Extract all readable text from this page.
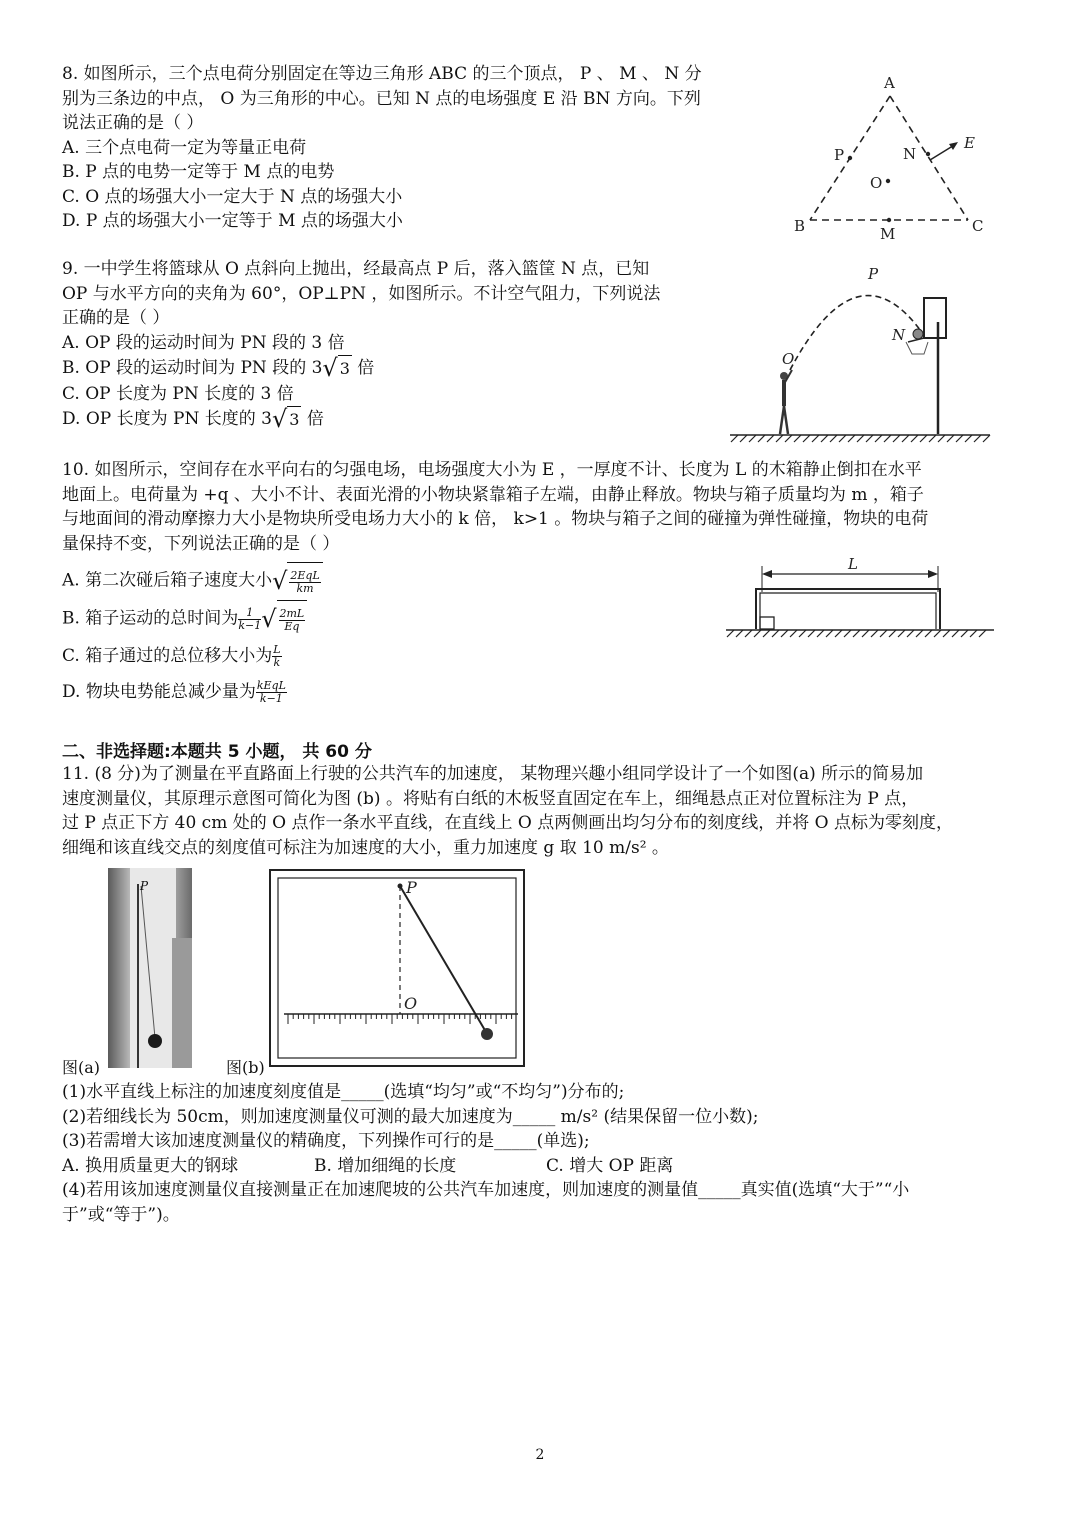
8. 如图所示，三个点电荷分别固定在等边三角形 ABC 的三个顶点， P 、 M 、 N 分

别为三条边的中点， O 为三角形的中心。已知 N 点的电场强度 E 沿 BN 方向。下列

说法正确的是（ ）

A. 三个点电荷一定为等量正电荷

B. P 点的电势一定等于 M 点的电势

C. O 点的场强大小一定大于 N 点的场强大小

D. P 点的场强大小一定等于 M 点的场强大小

A
B	C
P	N
O
M
E

9. 一中学生将篮球从 O 点斜向上抛出，经最高点 P 后，落入篮筐 N 点，已知

OP 与水平方向的夹角为 60°，OP⊥PN ，如图所示。不计空气阻力，下列说法

正确的是（ ）

A. OP 段的运动时间为 PN 段的 3 倍

B. OP 段的运动时间为 PN 段的 3√ 3 倍

C. OP 长度为 PN 长度的 3 倍

D. OP 长度为 PN 长度的 3√ 3 倍

P
N
O

10. 如图所示，空间存在水平向右的匀强电场，电场强度大小为 E ，一厚度不计、长度为 L 的木箱静止倒扣在水平

地面上。电荷量为 +q 、大小不计、表面光滑的小物块紧靠箱子左端，由静止释放。物块与箱子质量均为 m ，箱子

与地面间的滑动摩擦力大小是物块所受电场力大小的 k 倍， k>1 。物块与箱子之间的碰撞为弹性碰撞，物块的电荷

量保持不变，下列说法正确的是（ ）

A. 第二次碰后箱子速度大小√ $\frac{\text{2EqL}}{km}$

B. 箱子运动的总时间为 $\frac{1}{k-1}$ √ $\frac{2mL}{Eq}$

C. 箱子通过的总位移大小为 $\frac{L}{k}$

D. 物块电势能总减少量为 $\frac{\text{kEqL}}{k-1}$

L
二、非选择题:本题共 5 小题， 共 60 分

11. (8 分)为了测量在平直路面上行驶的公共汽车的加速度， 某物理兴趣小组同学设计了一个如图(a) 所示的简易加

速度测量仪，其原理示意图可简化为图 (b) 。将贴有白纸的木板竖直固定在车上，细绳悬点正对位置标注为 P 点，

过 P 点正下方 40 cm 处的 O 点作一条水平直线，在直线上 O 点两侧画出均匀分布的刻度线，并将 O 点标为零刻度，

细绳和该直线交点的刻度值可标注为加速度的大小，重力加速度 g 取 10 m/s² 。

P
图(a)
P
O
图(b)

(1)水平直线上标注的加速度刻度值是_____(选填“均匀”或“不均匀”)分布的;

(2)若细线长为 50cm，则加速度测量仪可测的最大加速度为_____ m/s² (结果保留一位小数);

(3)若需增大该加速度测量仪的精确度，下列操作可行的是_____(单选);

A. 换用质量更大的钢球	B. 增加细绳的长度	C. 增大 OP 距离

(4)若用该加速度测量仪直接测量正在加速爬坡的公共汽车加速度，则加速度的测量值_____真实值(选填“大于”“小

于”或“等于”)。

2
